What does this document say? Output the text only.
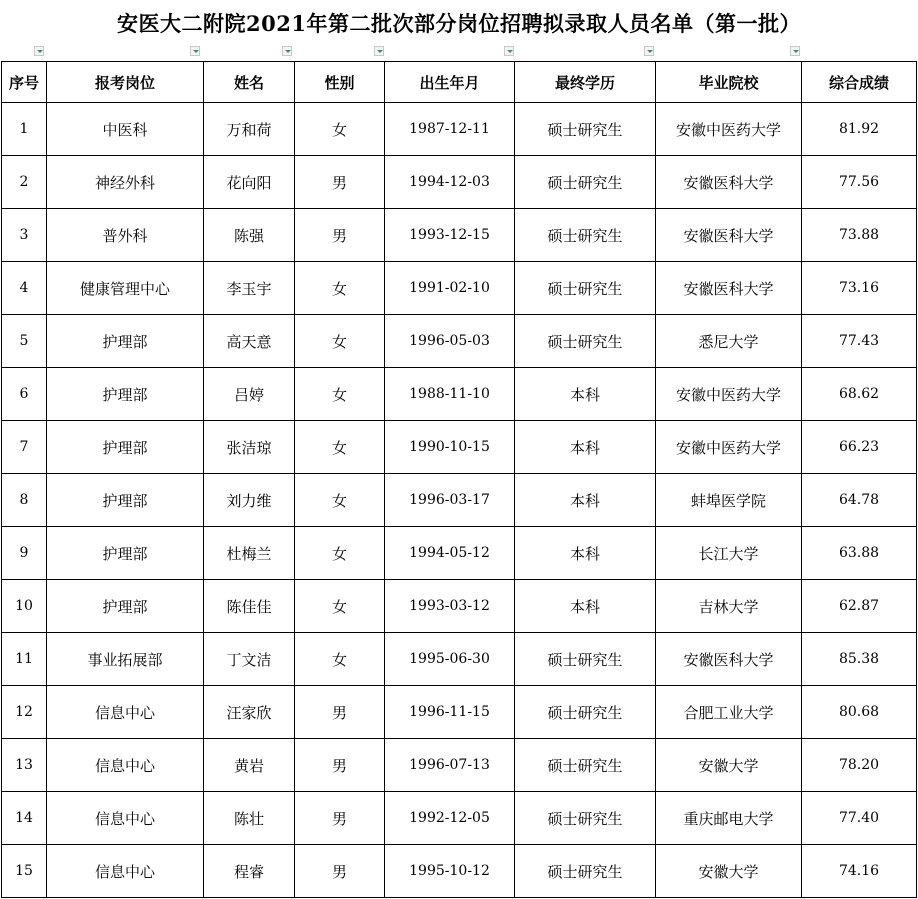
安医大二附院2021年第二批次部分岗位招聘拟录取人员名单（第一批）
序号	报考岗位	姓名	性别	出生年月	最终学历	毕业院校	综合成绩
1	中医科	万和荷	女	1987-12-11	硕士研究生	安徽中医药大学	81.92
2	神经外科	花向阳	男	1994-12-03	硕士研究生	安徽医科大学	77.56
3	普外科	陈强	男	1993-12-15	硕士研究生	安徽医科大学	73.88
4	健康管理中心	李玉宇	女	1991-02-10	硕士研究生	安徽医科大学	73.16
5	护理部	高天意	女	1996-05-03	硕士研究生	悉尼大学	77.43
6	护理部	吕婷	女	1988-11-10	本科	安徽中医药大学	68.62
7	护理部	张洁琼	女	1990-10-15	本科	安徽中医药大学	66.23
8	护理部	刘力维	女	1996-03-17	本科	蚌埠医学院	64.78
9	护理部	杜梅兰	女	1994-05-12	本科	长江大学	63.88
10	护理部	陈佳佳	女	1993-03-12	本科	吉林大学	62.87
11	事业拓展部	丁文洁	女	1995-06-30	硕士研究生	安徽医科大学	85.38
12	信息中心	汪家欣	男	1996-11-15	硕士研究生	合肥工业大学	80.68
13	信息中心	黄岩	男	1996-07-13	硕士研究生	安徽大学	78.20
14	信息中心	陈壮	男	1992-12-05	硕士研究生	重庆邮电大学	77.40
15	信息中心	程睿	男	1995-10-12	硕士研究生	安徽大学	74.16
